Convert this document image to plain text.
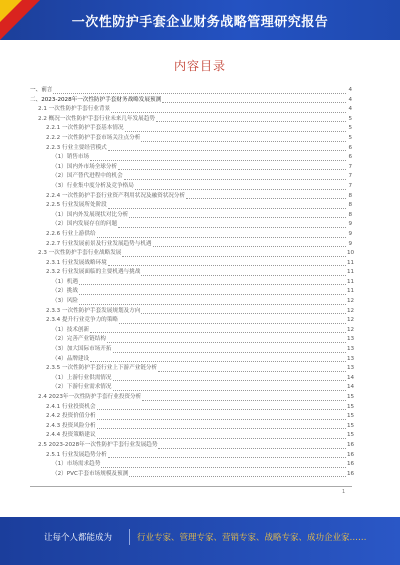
一次性防护手套企业财务战略管理研究报告
内容目录
一、前言	4
二、2023-2028年一次性防护手套财务战略发展预测	4
2.1 一次性防护手套行业背景	4
2.2 概况一次性防护手套行业未来几年发展趋势	5
2.2.1 一次性防护手套基本情况	5
2.2.2 一次性防护手套市场关注点分析	5
2.2.3 行业主要经营模式	6
（1）销售市场	6
（1）国内外市场全球分析	7
（2）国产替代进程中的机会	7
（3）行业集中度分析及竞争格局	7
2.2.4 一次性防护手套行业资产利用状况及融资状况分析	8
2.2.5 行业发展所处阶段	8
（1）国内外发展现状对比分析	8
（2）国内发展存在的问题	9
2.2.6 行业上游供给	9
2.2.7 行业发展前景及行业发展趋势与机遇	9
2.3 一次性防护手套行业战略发展	10
2.3.1 行业发展战略环境	11
2.3.2 行业发展面临的主要机遇与挑战	11
（1）机遇	11
（2）挑战	11
（3）风险	12
2.3.3 一次性防护手套发展规划及方向	12
2.3.4 提升行业竞争力的策略	12
（1）技术创新	12
（2）完善产业链结构	13
（3）加大国际市场开拓	13
（4）品牌建设	13
2.3.5 一次性防护手套行业上下游产业链分析	13
（1）上游行业供需情况	14
（2）下游行业需求情况	14
2.4 2023年一次性防护手套行业投资分析	15
2.4.1 行业投资机会	15
2.4.2 投资价值分析	15
2.4.3 投资风险分析	15
2.4.4 投资策略建议	15
2.5 2023-2028年一次性防护手套行业发展趋势	16
2.5.1 行业发展趋势分析	16
（1）市场需求趋势	16
（2）PVC手套市场规模及预测	16
1
让每个人都能成为	行业专家、管理专家、营销专家、战略专家、成功企业家……
